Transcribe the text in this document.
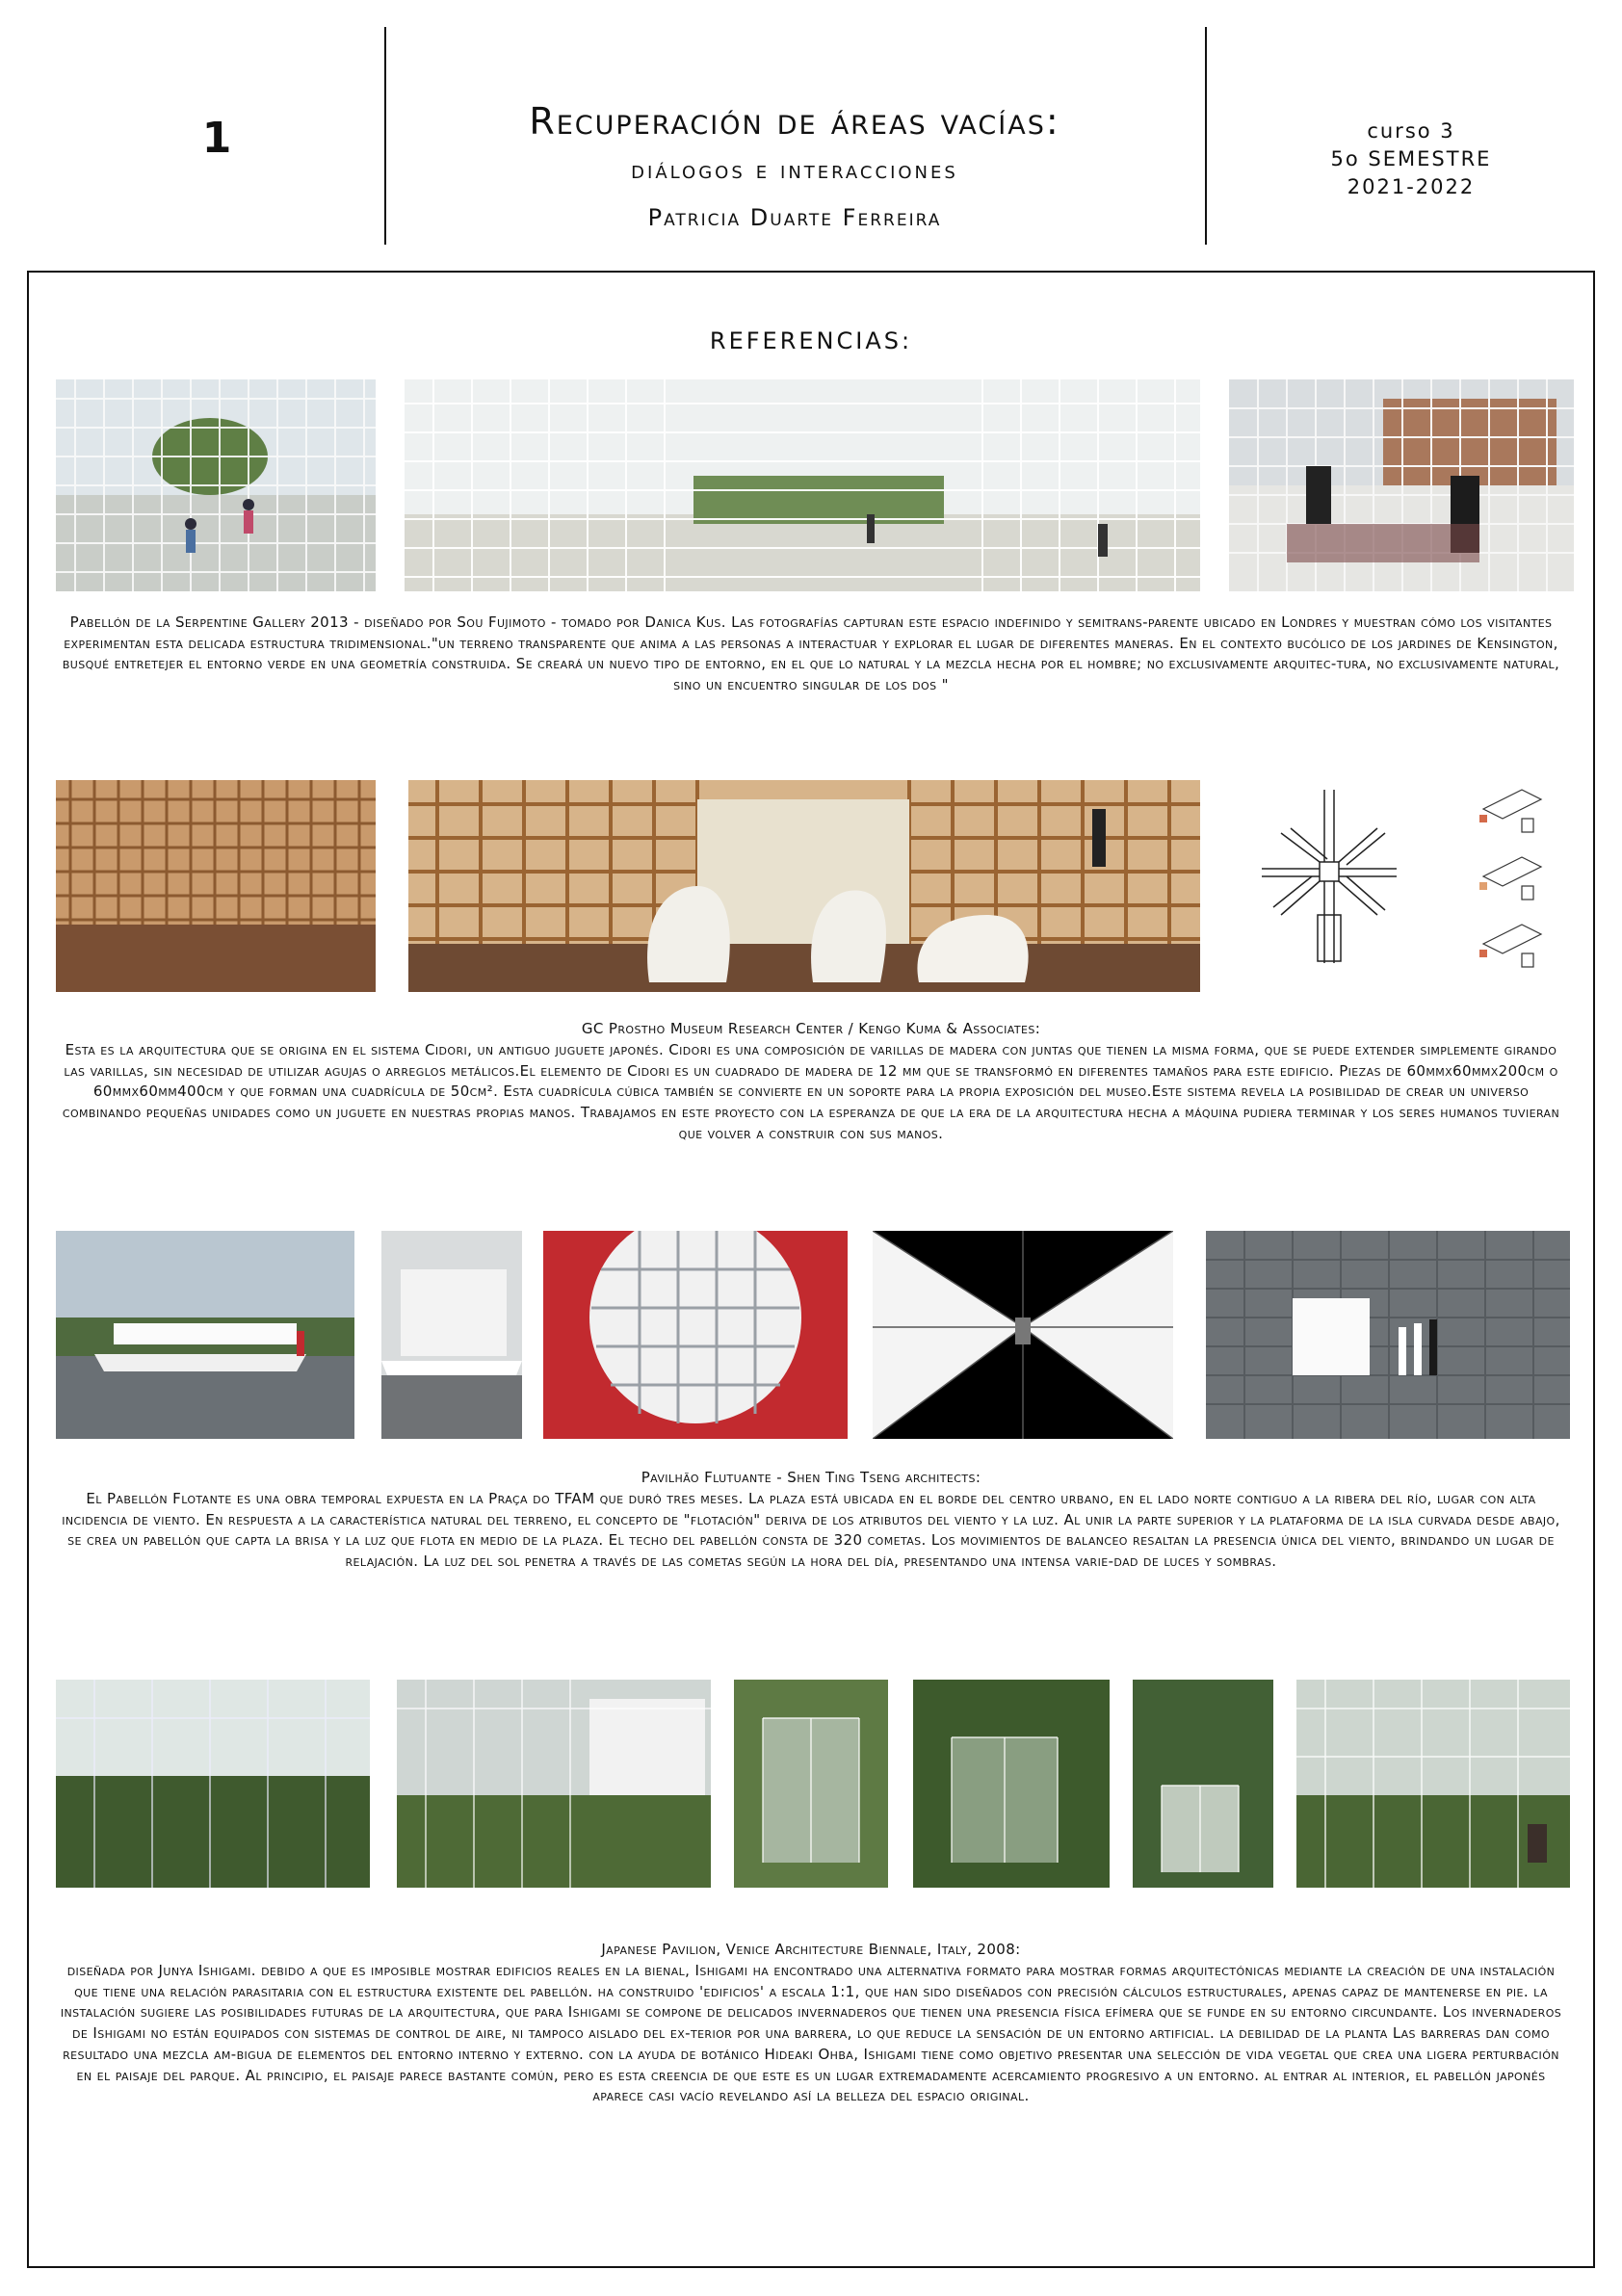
1	Recuperación de áreas vacías:
diálogos e interacciones
Patricia Duarte Ferreira
curso 3
5o SEMESTRE
2021-2022
REFERENCIAS:
Pabellón de la Serpentine Gallery 2013 - diseñado por Sou Fujimoto - tomado por Danica Kus. Las fotografías capturan este espacio indefinido y semitrans-parente ubicado en Londres y muestran cómo los visitantes experimentan esta delicada estructura tridimensional."un terreno transparente que anima a las personas a interactuar y explorar el lugar de diferentes maneras. En el contexto bucólico de los jardines de Kensington, busqué entretejer el entorno verde en una geometría construida. Se creará un nuevo tipo de entorno, en el que lo natural y la mezcla hecha por el hombre; no exclusivamente arquitec-tura, no exclusivamente natural, sino un encuentro singular de los dos "
GC Prostho Museum Research Center / Kengo Kuma & Associates:
Esta es la arquitectura que se origina en el sistema Cidori, un antiguo juguete japonés. Cidori es una composición de varillas de madera con juntas que tienen la misma forma, que se puede extender simplemente girando las varillas, sin necesidad de utilizar agujas o arreglos metálicos.El elemento de Cidori es un cuadrado de madera de 12 mm que se transformó en diferentes tamaños para este edificio. Piezas de 60mmx60mmx200cm o 60mmx60mm400cm y que forman una cuadrícula de 50cm². Esta cuadrícula cúbica también se convierte en un soporte para la propia exposición del museo.Este sistema revela la posibilidad de crear un universo combinando pequeñas unidades como un juguete en nuestras propias manos. Trabajamos en este proyecto con la esperanza de que la era de la arquitectura hecha a máquina pudiera terminar y los seres humanos tuvieran que volver a construir con sus manos.
Pavilhão Flutuante - Shen Ting Tseng architects:
El Pabellón Flotante es una obra temporal expuesta en la Praça do TFAM que duró tres meses. La plaza está ubicada en el borde del centro urbano, en el lado norte contiguo a la ribera del río, lugar con alta incidencia de viento. En respuesta a la característica natural del terreno, el concepto de "flotación" deriva de los atributos del viento y la luz. Al unir la parte superior y la plataforma de la isla curvada desde abajo, se crea un pabellón que capta la brisa y la luz que flota en medio de la plaza. El techo del pabellón consta de 320 cometas. Los movimientos de balanceo resaltan la presencia única del viento, brindando un lugar de relajación. La luz del sol penetra a través de las cometas según la hora del día, presentando una intensa varie-dad de luces y sombras.
Japanese Pavilion, Venice Architecture Biennale, Italy, 2008:
diseñada por Junya Ishigami. debido a que es imposible mostrar edificios reales en la bienal, Ishigami ha encontrado una alternativa formato para mostrar formas arquitectónicas mediante la creación de una instalación que tiene una relación parasitaria con el estructura existente del pabellón. ha construido 'edificios' a escala 1:1, que han sido diseñados con precisión cálculos estructurales, apenas capaz de mantenerse en pie. la instalación sugiere las posibilidades futuras de la arquitectura, que para Ishigami se compone de delicados invernaderos que tienen una presencia física efímera que se funde en su entorno circundante. Los invernaderos de Ishigami no están equipados con sistemas de control de aire, ni tampoco aislado del ex-terior por una barrera, lo que reduce la sensación de un entorno artificial. la debilidad de la planta Las barreras dan como resultado una mezcla am-bigua de elementos del entorno interno y externo. con la ayuda de botánico Hideaki Ohba, Ishigami tiene como objetivo presentar una selección de vida vegetal que crea una ligera perturbación en el paisaje del parque. Al principio, el paisaje parece bastante común, pero es esta creencia de que este es un lugar extremadamente acercamiento progresivo a un entorno. al entrar al interior, el pabellón japonés aparece casi vacío revelando así la belleza del espacio original.
